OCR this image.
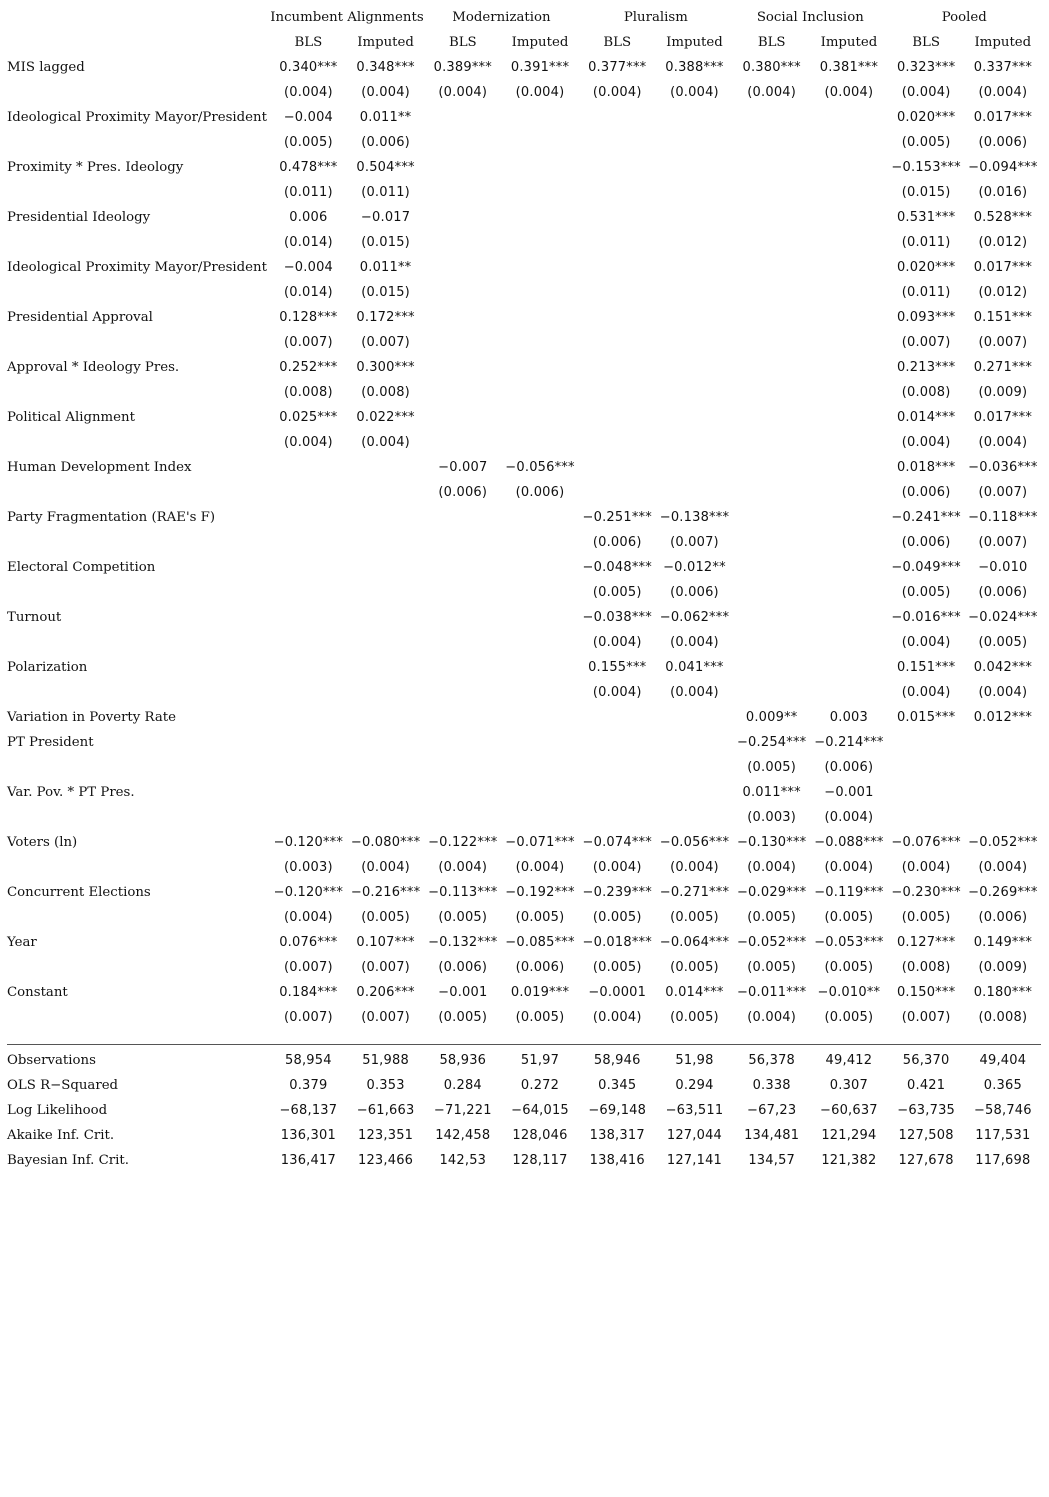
	Incumbent Alignments		Modernization		Pluralism		Social Inclusion		Pooled	
	BLS	Imputed	BLS	Imputed	BLS	Imputed	BLS	Imputed	BLS	Imputed
MIS lagged	0.340***	0.348***	0.389***	0.391***	0.377***	0.388***	0.380***	0.381***	0.323***	0.337***
	(0.004)	(0.004)	(0.004)	(0.004)	(0.004)	(0.004)	(0.004)	(0.004)	(0.004)	(0.004)
Ideological Proximity Mayor/President	−0.004	0.011**							0.020***	0.017***
	(0.005)	(0.006)							(0.005)	(0.006)
Proximity * Pres. Ideology	0.478***	0.504***							−0.153***	−0.094***
	(0.011)	(0.011)							(0.015)	(0.016)
Presidential Ideology	0.006	−0.017							0.531***	0.528***
	(0.014)	(0.015)							(0.011)	(0.012)
Ideological Proximity Mayor/President	−0.004	0.011**							0.020***	0.017***
	(0.014)	(0.015)							(0.011)	(0.012)
Presidential Approval	0.128***	0.172***							0.093***	0.151***
	(0.007)	(0.007)							(0.007)	(0.007)
Approval * Ideology Pres.	0.252***	0.300***							0.213***	0.271***
	(0.008)	(0.008)							(0.008)	(0.009)
Political Alignment	0.025***	0.022***							0.014***	0.017***
	(0.004)	(0.004)							(0.004)	(0.004)
Human Development Index			−0.007	−0.056***					0.018***	−0.036***
			(0.006)	(0.006)					(0.006)	(0.007)
Party Fragmentation (RAE's F)					−0.251***	−0.138***			−0.241***	−0.118***
					(0.006)	(0.007)			(0.006)	(0.007)
Electoral Competition					−0.048***	−0.012**			−0.049***	−0.010
					(0.005)	(0.006)			(0.005)	(0.006)
Turnout					−0.038***	−0.062***			−0.016***	−0.024***
					(0.004)	(0.004)			(0.004)	(0.005)
Polarization					0.155***	0.041***			0.151***	0.042***
					(0.004)	(0.004)			(0.004)	(0.004)
Variation in Poverty Rate							0.009**	0.003	0.015***	0.012***
PT President							−0.254***	−0.214***		
							(0.005)	(0.006)		
Var. Pov. * PT Pres.							0.011***	−0.001		
							(0.003)	(0.004)		
Voters (ln)	−0.120***	−0.080***	−0.122***	−0.071***	−0.074***	−0.056***	−0.130***	−0.088***	−0.076***	−0.052***
	(0.003)	(0.004)	(0.004)	(0.004)	(0.004)	(0.004)	(0.004)	(0.004)	(0.004)	(0.004)
Concurrent Elections	−0.120***	−0.216***	−0.113***	−0.192***	−0.239***	−0.271***	−0.029***	−0.119***	−0.230***	−0.269***
	(0.004)	(0.005)	(0.005)	(0.005)	(0.005)	(0.005)	(0.005)	(0.005)	(0.005)	(0.006)
Year	0.076***	0.107***	−0.132***	−0.085***	−0.018***	−0.064***	−0.052***	−0.053***	0.127***	0.149***
	(0.007)	(0.007)	(0.006)	(0.006)	(0.005)	(0.005)	(0.005)	(0.005)	(0.008)	(0.009)
Constant	0.184***	0.206***	−0.001	0.019***	−0.0001	0.014***	−0.011***	−0.010**	0.150***	0.180***
	(0.007)	(0.007)	(0.005)	(0.005)	(0.004)	(0.005)	(0.004)	(0.005)	(0.007)	(0.008)

Observations	58,954	51,988	58,936	51,97	58,946	51,98	56,378	49,412	56,370	49,404
OLS R−Squared	0.379	0.353	0.284	0.272	0.345	0.294	0.338	0.307	0.421	0.365
Log Likelihood	−68,137	−61,663	−71,221	−64,015	−69,148	−63,511	−67,23	−60,637	−63,735	−58,746
Akaike Inf. Crit.	136,301	123,351	142,458	128,046	138,317	127,044	134,481	121,294	127,508	117,531
Bayesian Inf. Crit.	136,417	123,466	142,53	128,117	138,416	127,141	134,57	121,382	127,678	117,698
